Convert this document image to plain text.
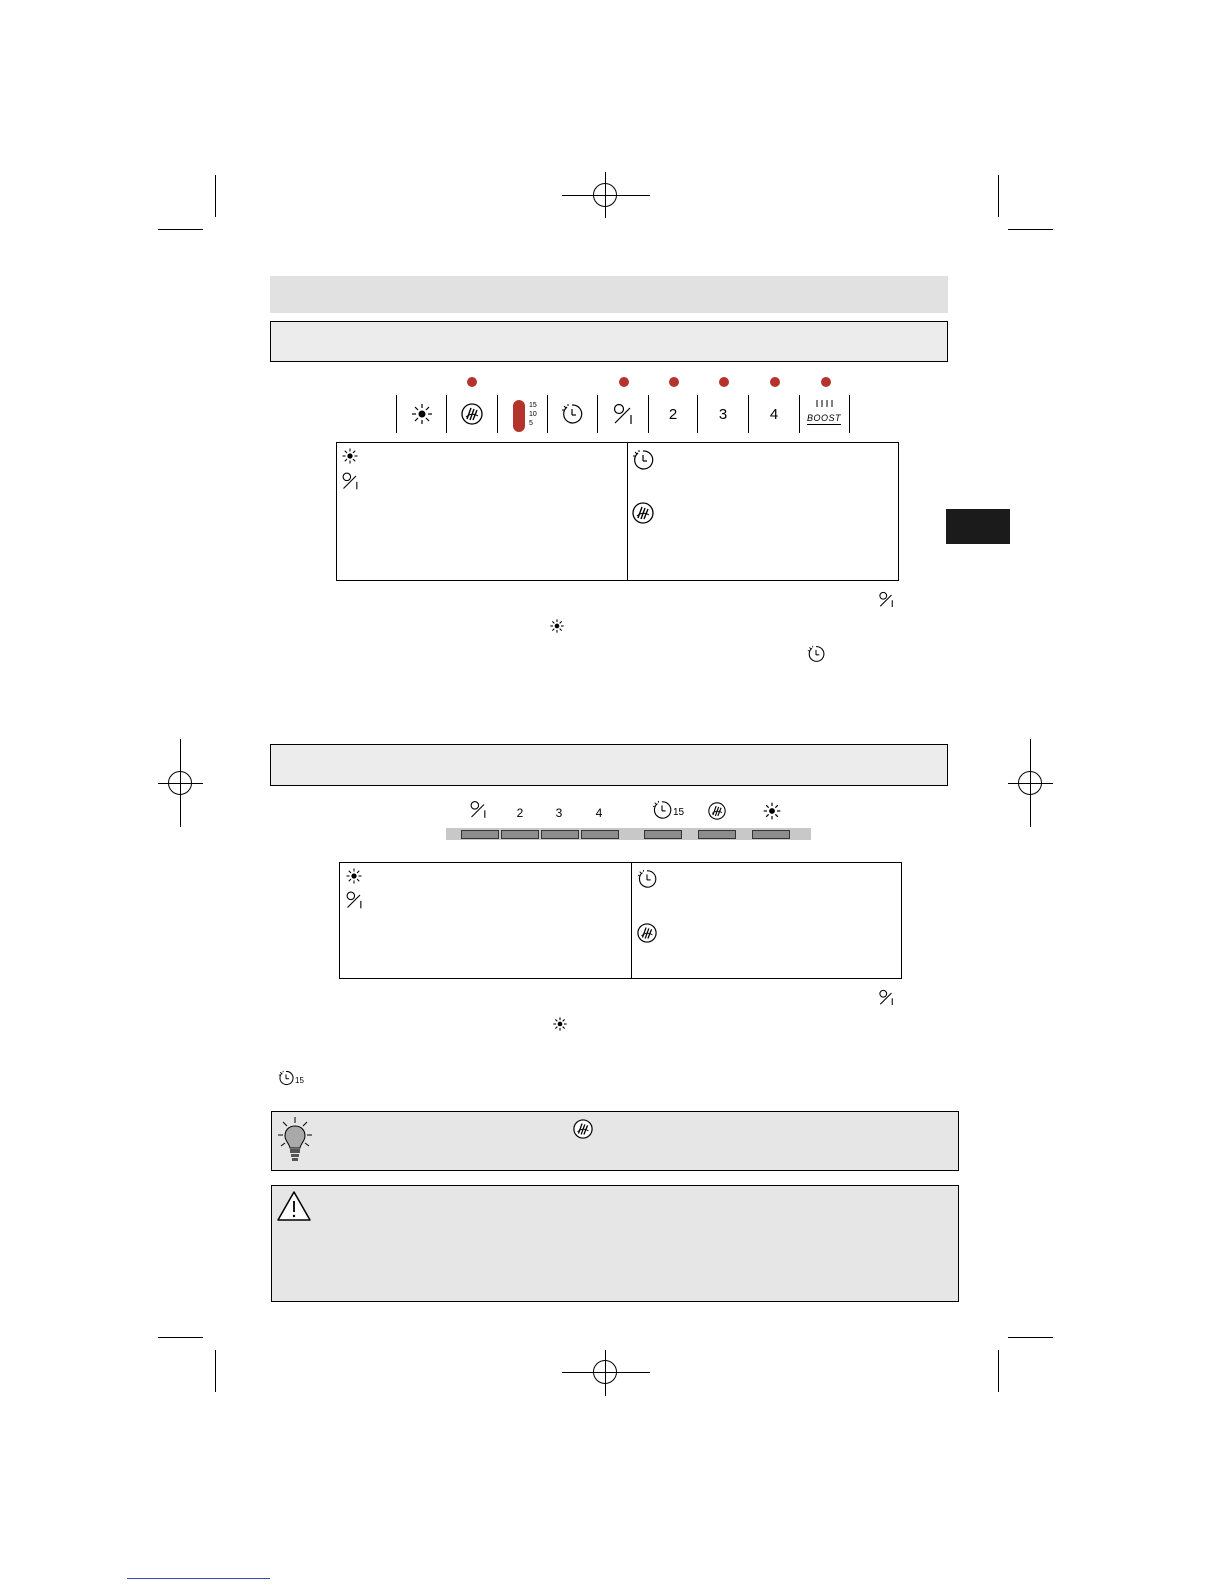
15
10
5
2	3	4	BOOST
2	3	4	15
15
